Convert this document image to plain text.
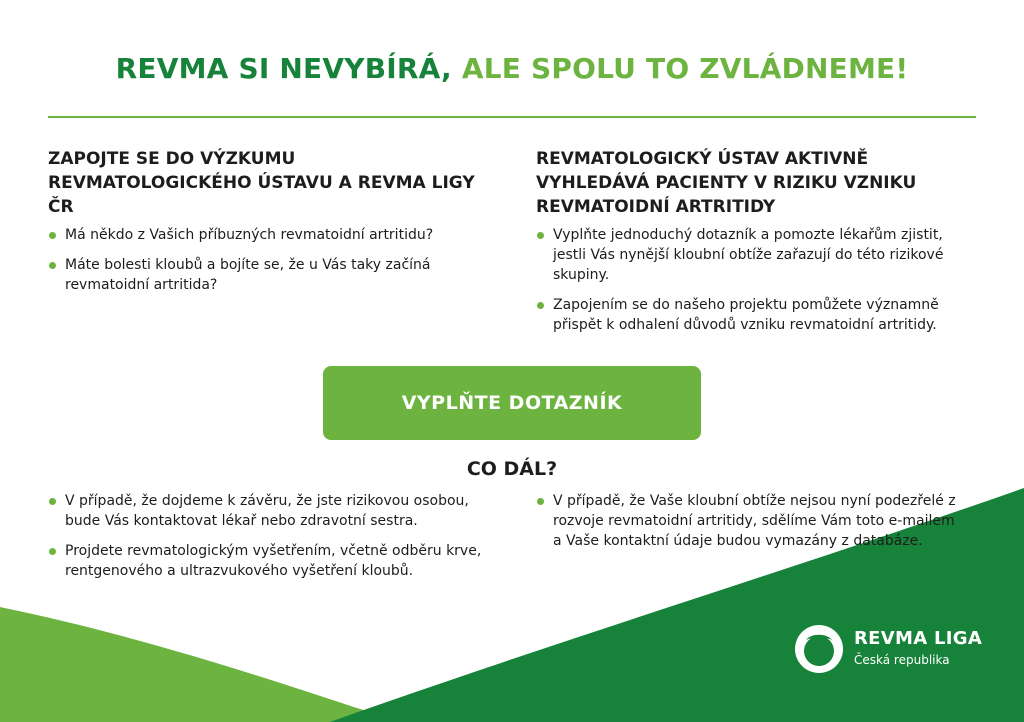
REVMA SI NEVYBÍRÁ, ALE SPOLU TO ZVLÁDNEME!
ZAPOJTE SE DO VÝZKUMU REVMATOLOGICKÉHO ÚSTAVU A REVMA LIGY ČR
Má někdo z Vašich příbuzných revmatoidní artritidu?
Máte bolesti kloubů a bojíte se, že u Vás taky začíná revmatoidní artritida?
REVMATOLOGICKÝ ÚSTAV AKTIVNĚ VYHLEDÁVÁ PACIENTY V RIZIKU VZNIKU REVMATOIDNÍ ARTRITIDY
Vyplňte jednoduchý dotazník a pomozte lékařům zjistit, jestli Vás nynější kloubní obtíže zařazují do této rizikové skupiny.
Zapojením se do našeho projektu pomůžete významně přispět k odhalení důvodů vzniku revmatoidní artritidy.
VYPLŇTE DOTAZNÍK
CO DÁL?
V případě, že dojdeme k závěru, že jste rizikovou osobou, bude Vás kontaktovat lékař nebo zdravotní sestra.
Projdete revmatologickým vyšetřením, včetně odběru krve, rentgenového a ultrazvukového vyšetření kloubů.
V případě, že Vaše kloubní obtíže nejsou nyní podezřelé z rozvoje revmatoidní artritidy, sdělíme Vám toto e-mailem a Vaše kontaktní údaje budou vymazány z databáze.
REVMA LIGA
Česká republika
